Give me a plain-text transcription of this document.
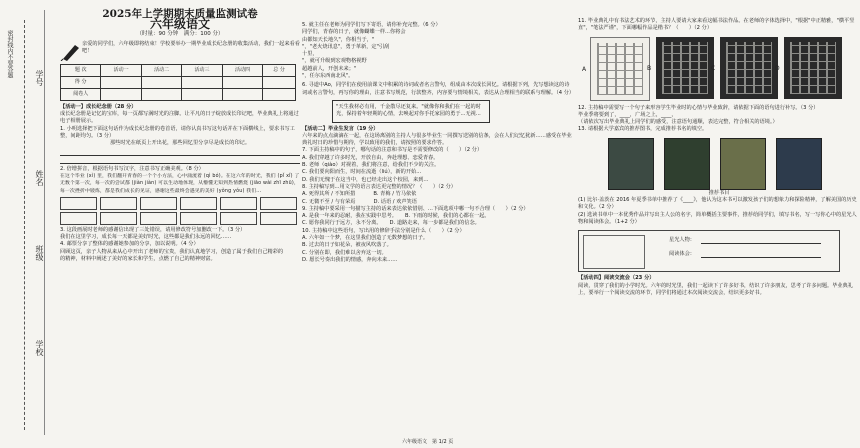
密封线内不要答题	学号
姓名
班级
学校
2025年上学期期末质量监测试卷
六年级语文
（时量：90 分钟　满分：100 分）

亲爱的同学们，六年级即将结束！学校要举办一期毕业成长纪念册的收集活动，我们一起来看看吧！

题 次	活动一	活动二	活动三	活动四	总 分
得 分					
阅卷人					

【活动一】成长纪念册（28 分）

成长纪念册是记忆的宝库，每一页都写满时光的注脚。让平凡的日子绽放成长印记吧，毕业典礼上将通过电子相册展示。

1. 小明选择把下面这句话作为成长纪念册的卷首语，请你认真书写这句话并在下面横线上，要求书写工整，间距均匀。（3 分）

那些时光在纸页上开出花，那些回忆里分享尽是成长的印记。

2. 倍增拼音，根据语句书写汉字，注意书写正确美观。（8 分）

在这个毕业 (xì) 里，我们翻开青春的一个个小方法，心中涌流着 (qì bó)。在这六年的时光，我们 (pǐ xǐ) 了无数个第一次，每一次的尝试都 (jiàn jiàn) 可以生动地体现，从懵懂无知到热情燃烧 (jiāo wài zhī zhū)，每一次挫折中锻炼，都是我们成长的见证，感谢这些最终会遇见的美好 (yǒng yǒu) 我们...

3. 这段画展时老师的感谢信出现了三处错误，请用修改符号加删改一下。（3 分）

我们在这里学习，成长每一天都是美好时光，这些都是我们永远的回忆……

4. 邮票分享了整体的感谢她参加的分享，加以说明。（4 分）

回顾这页，亲子人物从来从心中开出了老师的宝贵，我们认真地学习，创造了属于我们自己精彩的

的精神，材料中阐述了美好的家长和学生，点燃了自己的精神财富。

5. 就主任在老师为同学们写下寄语，请你补充完整。（6 分）

同学们，青春的日子，就像蝴蝶一样...你将会

由都知天长地久"，你相当于，"

"，"老火烧讯息"，勇于革新，定"引刮

十里，

"，就可升级到宏观物格视野

超越前人，开创未来；"

"，任尔东西南北风"。

6. 寻道中Ao，同学们在使用前课文中积累的诗词或者名言警句，组成由本次成长回忆。请根据下列，先写想读这的诗词或名言警句，再写你的理由，注意书写规范，行款整齐，内容要与情境相关，表达从合理相当的联系与理解。（4 分）

"天生我材必有用，千金散尽还复来。"就像你和我们在一起的时光，保持着年轻期的心情，去唤起对你手托家园的勇于...无视...

【活动二】毕业生发言（19 分）

六年来的点点滴滴在一起，在这场离别的主持人与很多毕业生一同撰写送别的信条，会在人们记忆犹新……感受在毕业典礼时日的珍惜与期待，学以致用的我们，请按照的要求作答。

7. 下面主持稿中的句子，哪句话的注意和书写是不需要修改的（　　）（2 分）

A. 我们穿越了许多时光，开放自由，奔赴理想、恋爱青春。

B. 老师（qiào）对视着，我们将注意，给我们不少的关注。

C. 我们要向阳而生，时间在流逝（liú），新的开始...

D. 我们无愧于在这当中，也已经走出这个校园，来到...

8. 主持稿写到...用文学的语言表达更完整的情况？（　　）（2 分）

A. 死得其所 / 不知所措	B. 青梅 / 竹马依依

C. 无微不至 / 与有荣焉	D. 话语 / 欢声笑语

9. 主持稿中要采用一句描写主持的话来表达依依惜别、...下面选项中哪一句不合理（　　）（2 分）

A. 是我一年来的忍耐，我在实践中思考。 B. 下雨的时候，我们的心都在一起。

C. 愿你我同行于远方，永不分离。 D. 道路走来，每一步都是我们的信念。

10. 主持稿中这些语句，写出用的修辞手法分别是什么（　　）（2 分）

A. 六年如一个梦，在这里我们创造了无数梦想的日子。

B. 过去的日子如花朵，被夜风吹落了。

C. 分别在即，我们难以舍弃这一切。

D. 愿长号奏出我们的情感，奔向未来……

六年级语文　第 1/2 页

11. 毕业典礼中有书法艺术的环节，主持人要请大家来看这幅书法作品。在老师的字体选择中，"根据"中正精雅，"横平竖直"，"笔法严谨"，下面哪幅作品是楷书？（　　）（2 分）

A	B	C	D

12. 主持稿中需要写一个句子来形容学生毕业时的心情与毕业致辞，请依据下面的语句进行补写。（3 分）

毕业季将要到了，____，广场之上，____，

（请依次写出毕业典礼上同学们的感受，注意语句通顺，表达完整，符合相关的语境。）

13. 请根据大学嘉宾的推荐图书，完成推荐书名的填空。

推荐书目

(1) 比尔·盖茨在 2016 年夏季书单中推荐了《____》，他认为这本书可以激发孩子们的想象力和探险精神，了解美国的历史和文化。（2 分）

(2) 选读书单中一本优秀作品并写出主人公的名字，简单概括主要事件，推荐给同学们，填写书名，写一写你心中的星光人物和阅读体会。（1+2 分）

星光人物：
阅读体会：

【活动四】阅读交流会（23 分）

阅读，贯穿了我们的小学时光。六年的时光里，我们一起读下了许多好书，结识了许多朋友，思考了许多问题。毕业典礼上，要举行一个阅读交流的环节，同学们将通过本次阅读交流会，结识更多好书。
